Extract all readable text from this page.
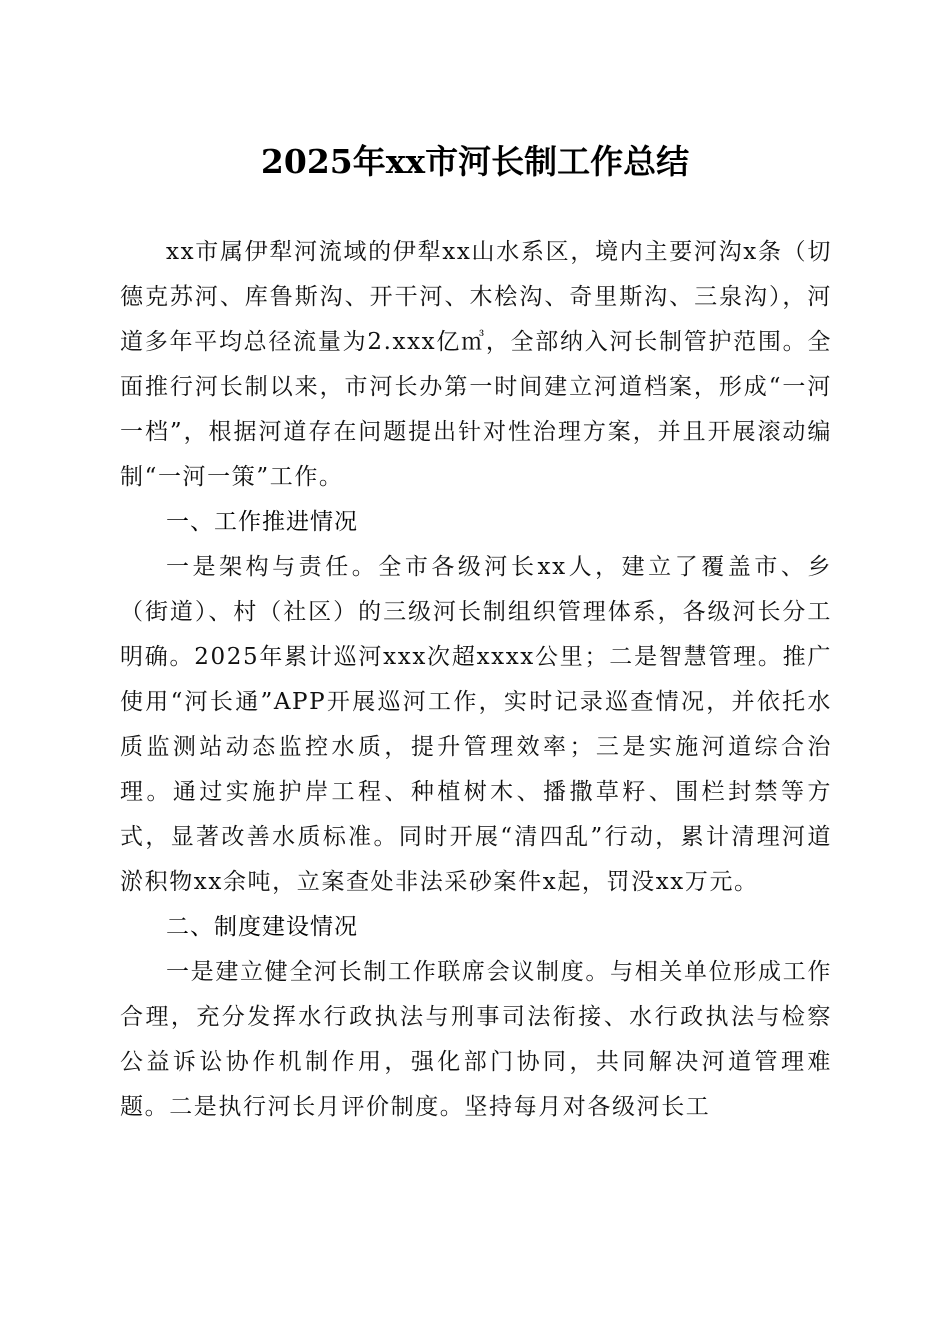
2025年xx市河长制工作总结

xx市属伊犁河流域的伊犁xx山水系区，境内主要河沟x条（切德克苏河、库鲁斯沟、开干河、木桧沟、奇里斯沟、三泉沟），河道多年平均总径流量为2.xxx亿㎥，全部纳入河长制管护范围。全面推行河长制以来，市河长办第一时间建立河道档案，形成“一河一档”，根据河道存在问题提出针对性治理方案，并且开展滚动编制“一河一策”工作。

一、工作推进情况

一是架构与责任。全市各级河长xx人，建立了覆盖市、乡（街道）、村（社区）的三级河长制组织管理体系，各级河长分工明确。2025年累计巡河xxx次超xxxx公里；二是智慧管理。推广使用“河长通”APP开展巡河工作，实时记录巡查情况，并依托水质监测站动态监控水质，提升管理效率；三是实施河道综合治理。通过实施护岸工程、种植树木、播撒草籽、围栏封禁等方式，显著改善水质标准。同时开展“清四乱”行动，累计清理河道淤积物xx余吨，立案查处非法采砂案件x起，罚没xx万元。

二、制度建设情况

一是建立健全河长制工作联席会议制度。与相关单位形成工作合理，充分发挥水行政执法与刑事司法衔接、水行政执法与检察公益诉讼协作机制作用，强化部门协同，共同解决河道管理难题。二是执行河长月评价制度。坚持每月对各级河长工
